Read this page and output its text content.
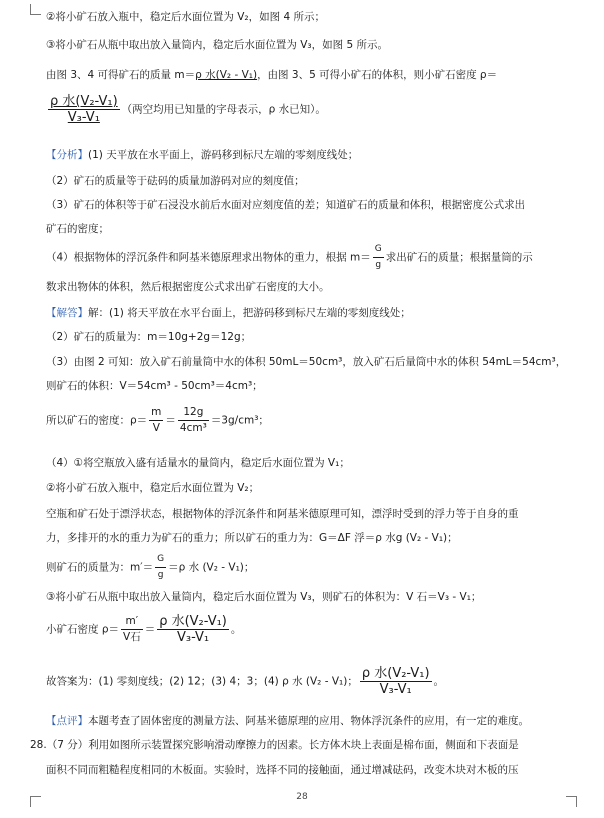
②将小矿石放入瓶中，稳定后水面位置为 V₂，如图 4 所示；
③将小矿石从瓶中取出放入量筒内，稳定后水面位置为 V₃，如图 5 所示。
由图 3、4 可得矿石的质量 m＝ρ 水(V₂ - V₁)，由图 3、5 可得小矿石的体积，则小矿石密度 ρ＝
$\frac{\text{ρ 水(V₂-V₁)}}{\text{V₃-V₁}}$ （两空均用已知量的字母表示，ρ 水已知）。
【分析】(1) 天平放在水平面上，游码移到标尺左端的零刻度线处；
（2）矿石的质量等于砝码的质量加游码对应的刻度值；
（3）矿石的体积等于矿石浸没水前后水面对应刻度值的差；知道矿石的质量和体积，根据密度公式求出
矿石的密度；
（4）根据物体的浮沉条件和阿基米德原理求出物体的重力，根据 $m= \frac{G}{g}$ 求出矿石的质量；根据量筒的示
数求出物体的体积，然后根据密度公式求出矿石密度的大小。
【解答】解：(1) 将天平放在水平台面上，把游码移到标尺左端的零刻度线处；
（2）矿石的质量为：m＝10g+2g＝12g；
（3）由图 2 可知：放入矿石前量筒中水的体积 50mL＝50cm³，放入矿石后量筒中水的体积 54mL＝54cm³，
则矿石的体积：V＝54cm³ - 50cm³＝4cm³；
所以矿石的密度：$\rho= \frac{m}{V} = \frac{12g}{\text{4cm³}} =3g/cm^3$；
（4）①将空瓶放入盛有适量水的量筒内，稳定后水面位置为 V₁；
②将小矿石放入瓶中，稳定后水面位置为 V₂；
空瓶和矿石处于漂浮状态，根据物体的浮沉条件和阿基米德原理可知，漂浮时受到的浮力等于自身的重
力，多排开的水的重力为矿石的重力；所以矿石的重力为：G＝ΔF 浮＝ρ 水g (V₂ - V₁)；
则矿石的质量为：$m'= \frac{G}{g} =\rho$ 水 (V₂ - V₁)；
③将小矿石从瓶中取出放入量筒内，稳定后水面位置为 V₃，则矿石的体积为：V 石＝V₃ - V₁；
小矿石密度 $\rho= \frac{m'}{\text{V石}} = \frac{\text{ρ 水(V₂-V₁)}}{\text{V₃-V₁}}$ 。
故答案为：(1) 零刻度线；(2) 12；(3) 4；3；(4) ρ 水 (V₂ - V₁)； $\frac{\text{ρ 水(V₂-V₁)}}{\text{V₃-V₁}}$ 。
【点评】本题考查了固体密度的测量方法、阿基米德原理的应用、物体浮沉条件的应用，有一定的难度。
28.（7 分）利用如图所示装置探究影响滑动摩擦力的因素。长方体木块上表面是棉布面，侧面和下表面是
面积不同而粗糙程度相同的木板面。实验时，选择不同的接触面，通过增减砝码，改变木块对木板的压
28
